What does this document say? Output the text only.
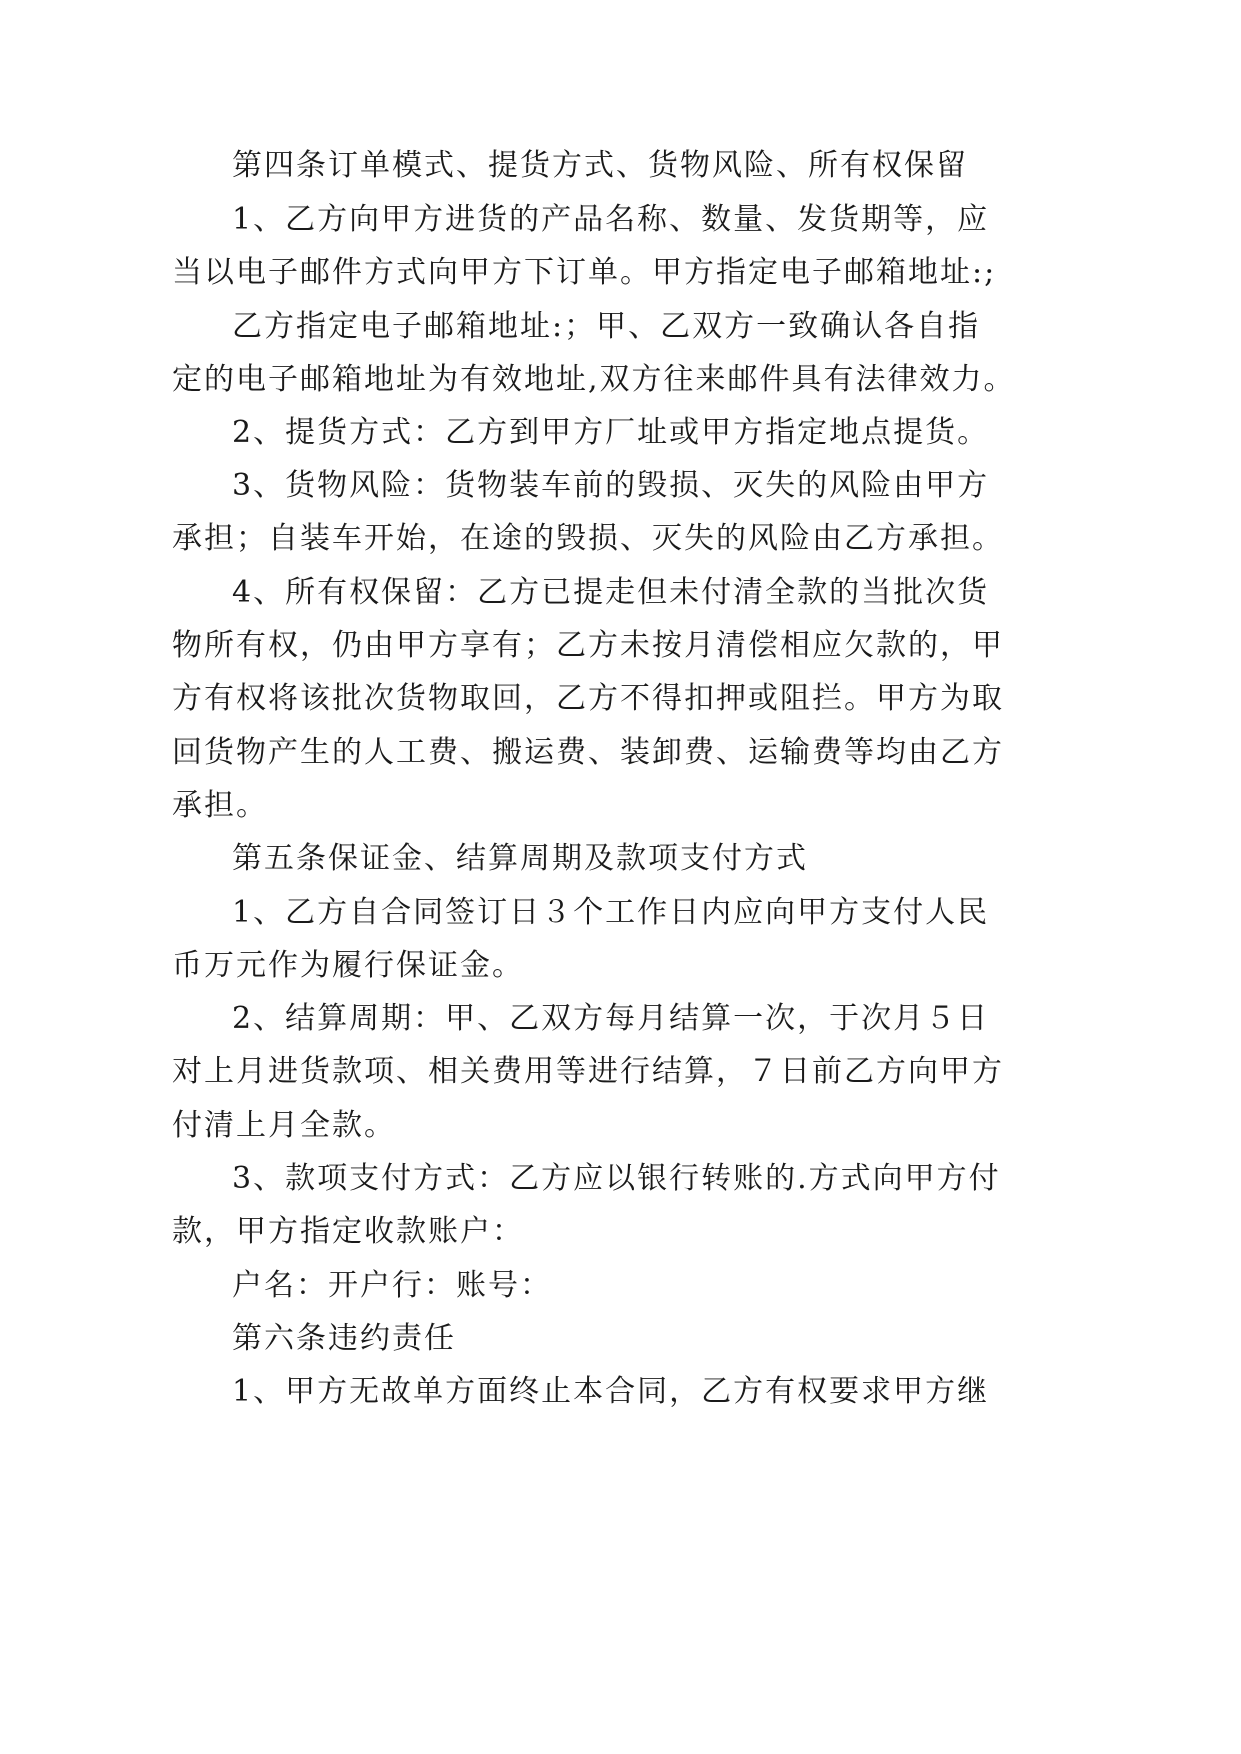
第四条订单模式、提货方式、货物风险、所有权保留
1、乙方向甲方进货的产品名称、数量、发货期等，应
当以电子邮件方式向甲方下订单。甲方指定电子邮箱地址:;
乙方指定电子邮箱地址:；甲、乙双方一致确认各自指
定的电子邮箱地址为有效地址,双方往来邮件具有法律效力。
2、提货方式：乙方到甲方厂址或甲方指定地点提货。
3、货物风险：货物装车前的毁损、灭失的风险由甲方
承担；自装车开始，在途的毁损、灭失的风险由乙方承担。
4、所有权保留：乙方已提走但未付清全款的当批次货
物所有权，仍由甲方享有；乙方未按月清偿相应欠款的，甲
方有权将该批次货物取回，乙方不得扣押或阻拦。甲方为取
回货物产生的人工费、搬运费、装卸费、运输费等均由乙方
承担。
第五条保证金、结算周期及款项支付方式
1、乙方自合同签订日３个工作日内应向甲方支付人民
币万元作为履行保证金。
2、结算周期：甲、乙双方每月结算一次，于次月５日
对上月进货款项、相关费用等进行结算，７日前乙方向甲方
付清上月全款。
3、款项支付方式：乙方应以银行转账的.方式向甲方付
款，甲方指定收款账户：
户名：开户行：账号：
第六条违约责任
1、甲方无故单方面终止本合同，乙方有权要求甲方继
